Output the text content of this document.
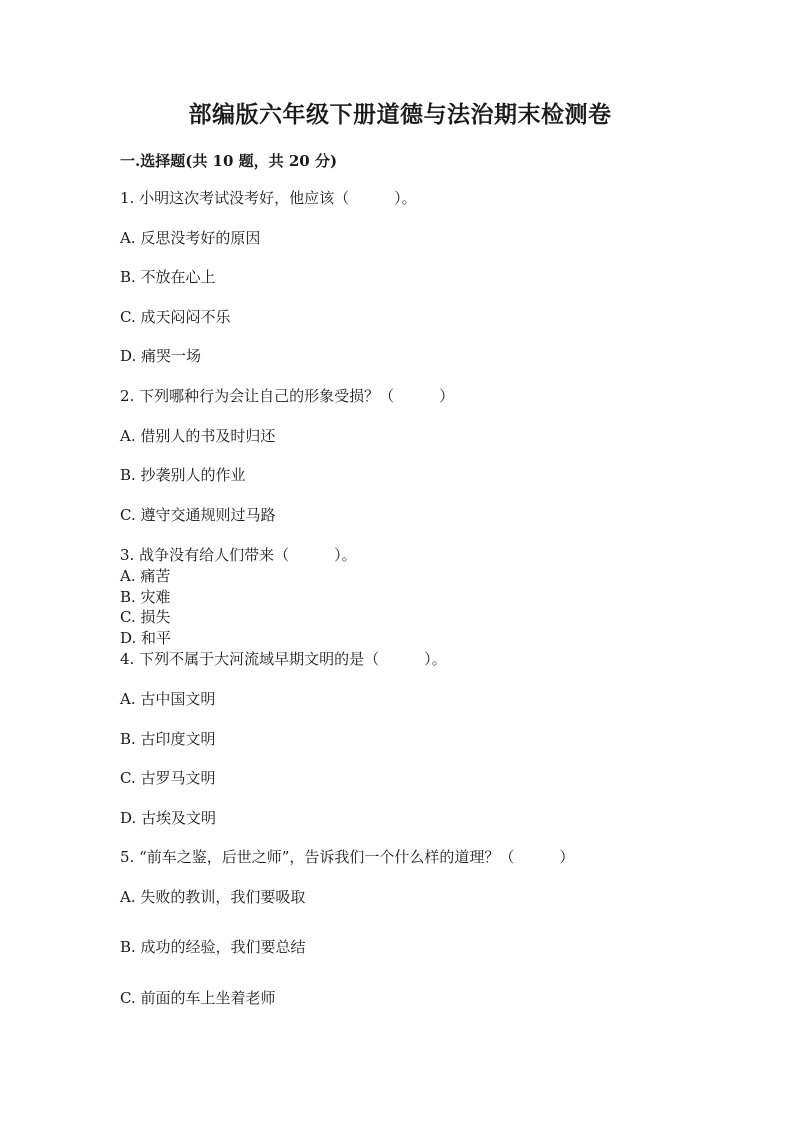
部编版六年级下册道德与法治期末检测卷
一.选择题(共 10 题，共 20 分)
1. 小明这次考试没考好，他应该（　　　）。
A. 反思没考好的原因
B. 不放在心上
C. 成天闷闷不乐
D. 痛哭一场
2. 下列哪种行为会让自己的形象受损？（　　　）
A. 借别人的书及时归还
B. 抄袭别人的作业
C. 遵守交通规则过马路
3. 战争没有给人们带来（　　　）。
A. 痛苦
B. 灾难
C. 损失
D. 和平
4. 下列不属于大河流域早期文明的是（　　　）。
A. 古中国文明
B. 古印度文明
C. 古罗马文明
D. 古埃及文明
5. “前车之鉴，后世之师”，告诉我们一个什么样的道理？（　　　）
A. 失败的教训，我们要吸取
B. 成功的经验，我们要总结
C. 前面的车上坐着老师
